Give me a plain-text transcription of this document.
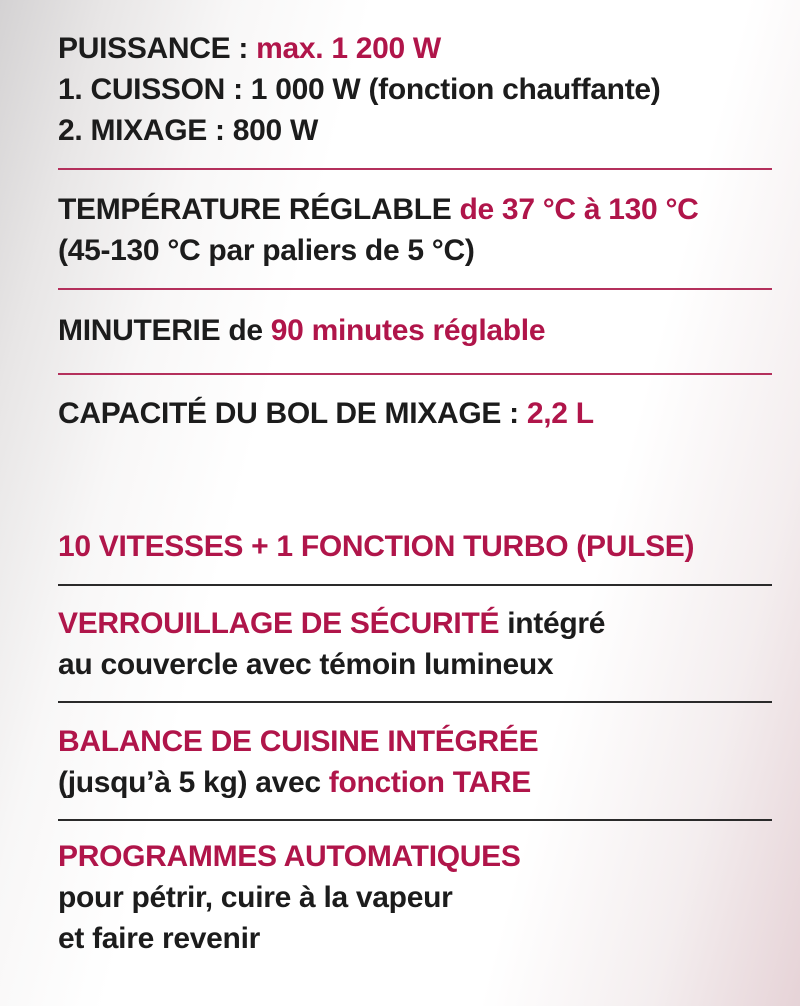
PUISSANCE : max. 1 200 W
1. CUISSON : 1 000 W (fonction chauffante)
2. MIXAGE : 800 W
TEMPÉRATURE RÉGLABLE de 37 °C à 130 °C
(45-130 °C par paliers de 5 °C)
MINUTERIE de 90 minutes réglable
CAPACITÉ DU BOL DE MIXAGE : 2,2 L
10 VITESSES + 1 FONCTION TURBO (PULSE)
VERROUILLAGE DE SÉCURITÉ intégré
au couvercle avec témoin lumineux
BALANCE DE CUISINE INTÉGRÉE
(jusqu’à 5 kg) avec fonction TARE
PROGRAMMES AUTOMATIQUES
pour pétrir, cuire à la vapeur
et faire revenir
